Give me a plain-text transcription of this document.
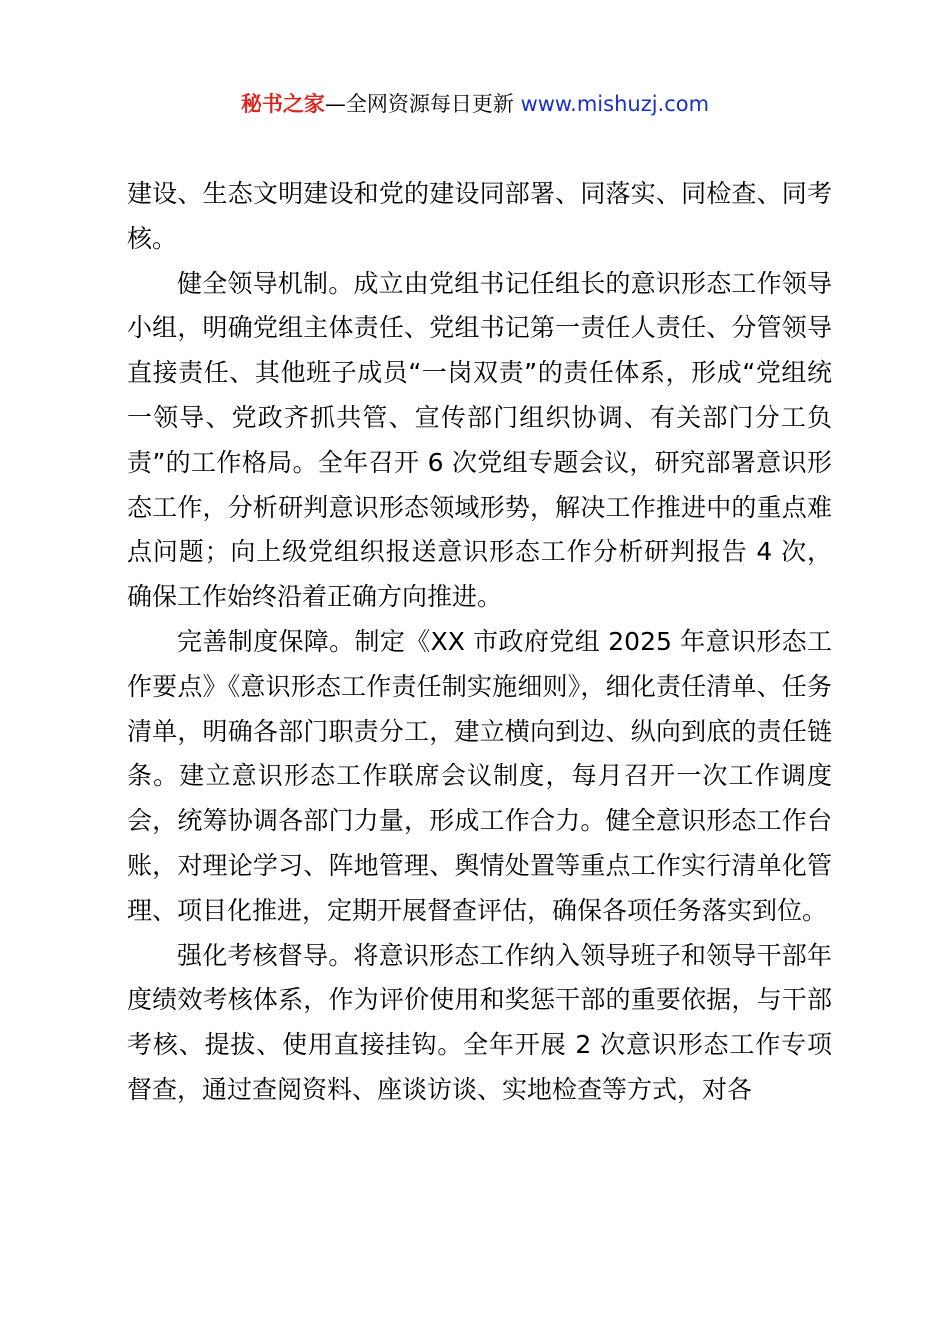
秘书之家—全网资源每日更新 www.mishuzj.com

建设、生态文明建设和党的建设同部署、同落实、同检查、同考核。

健全领导机制。成立由党组书记任组长的意识形态工作领导小组，明确党组主体责任、党组书记第一责任人责任、分管领导直接责任、其他班子成员“一岗双责”的责任体系，形成“党组统一领导、党政齐抓共管、宣传部门组织协调、有关部门分工负责”的工作格局。全年召开 6 次党组专题会议，研究部署意识形态工作，分析研判意识形态领域形势，解决工作推进中的重点难点问题；向上级党组织报送意识形态工作分析研判报告 4 次，确保工作始终沿着正确方向推进。

完善制度保障。制定《XX 市政府党组 2025 年意识形态工作要点》《意识形态工作责任制实施细则》，细化责任清单、任务清单，明确各部门职责分工，建立横向到边、纵向到底的责任链条。建立意识形态工作联席会议制度，每月召开一次工作调度会，统筹协调各部门力量，形成工作合力。健全意识形态工作台账，对理论学习、阵地管理、舆情处置等重点工作实行清单化管理、项目化推进，定期开展督查评估，确保各项任务落实到位。

强化考核督导。将意识形态工作纳入领导班子和领导干部年度绩效考核体系，作为评价使用和奖惩干部的重要依据，与干部考核、提拔、使用直接挂钩。全年开展 2 次意识形态工作专项督查，通过查阅资料、座谈访谈、实地检查等方式，对各
